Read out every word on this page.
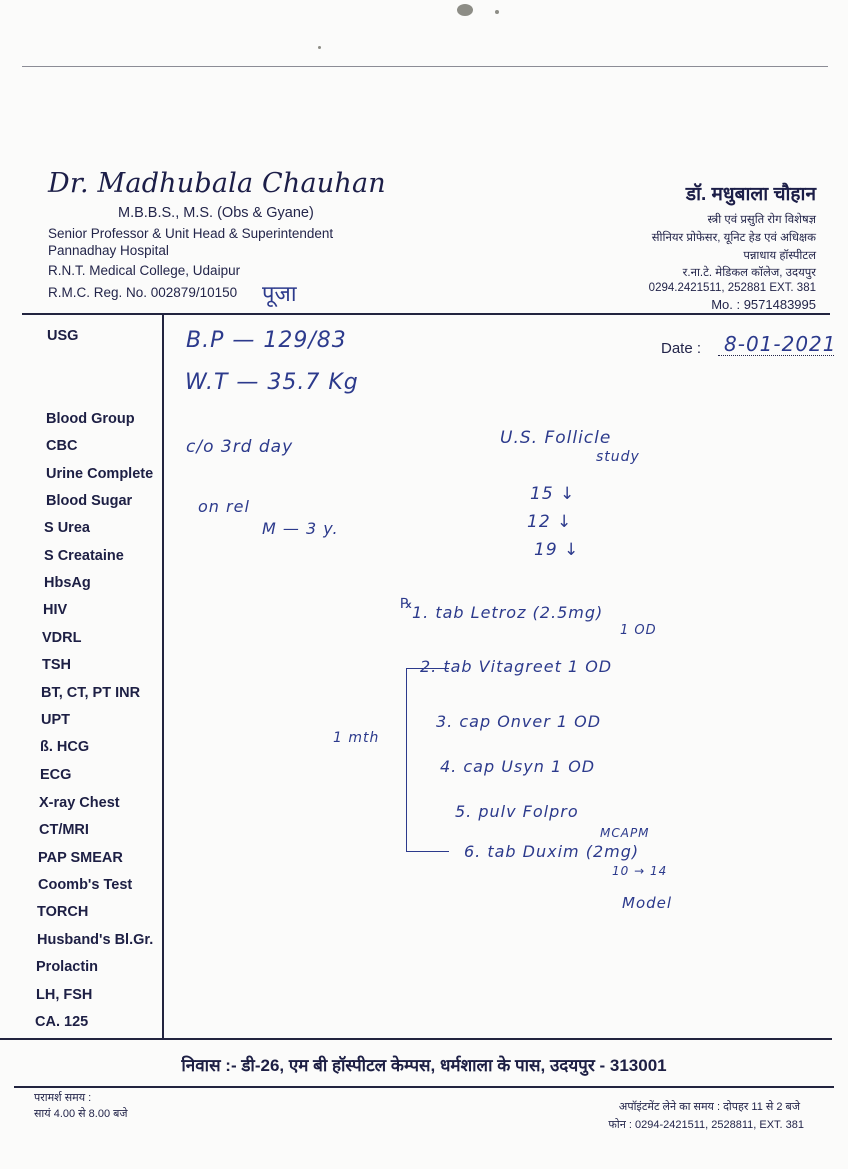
Dr. Madhubala Chauhan
M.B.B.S., M.S. (Obs & Gyane)
Senior Professor & Unit Head & Superintendent
Pannadhay Hospital
R.N.T. Medical College, Udaipur
R.M.C. Reg. No. 002879/10150 पूजा
डॉ. मधुबाला चौहान
स्त्री एवं प्रसुति रोग विशेषज्ञ
सीनियर प्रोफेसर, यूनिट हेड एवं अधिक्षक
पन्नाधाय हॉस्पीटल
र.ना.टे. मेडिकल कॉलेज, उदयपुर
0294.2421511, 252881 EXT. 381
Mo. : 9571483995
USG
Blood Group
CBC
Urine Complete
Blood Sugar
S Urea
S Creataine
HbsAg
HIV
VDRL
TSH
BT, CT, PT INR
UPT
ß. HCG
ECG
X-ray Chest
CT/MRI
PAP SMEAR
Coomb's Test
TORCH
Husband's Bl.Gr.
Prolactin
LH, FSH
CA. 125
Date : 8-01-2021
B.P — 129/83
W.T — 35.7 Kg
c/o 3rd day
on rel
M — 3 y.
U.S. Follicle
study
15 ↓
12 ↓
19 ↓
℞
1. tab Letroz (2.5mg)
1 OD
1 mth
2. tab Vitagreet 1 OD
3. cap Onver 1 OD
4. cap Usyn 1 OD
5. pulv Folpro
MCAPM
6. tab Duxim (2mg)
10 → 14
Model
निवास :- डी-26, एम बी हॉस्पीटल केम्पस, धर्मशाला के पास, उदयपुर - 313001
परामर्श समय :
सायं 4.00 से 8.00 बजे
अपॉइंटमेंट लेने का समय : दोपहर 11 से 2 बजे
फोन : 0294-2421511, 2528811, EXT. 381
